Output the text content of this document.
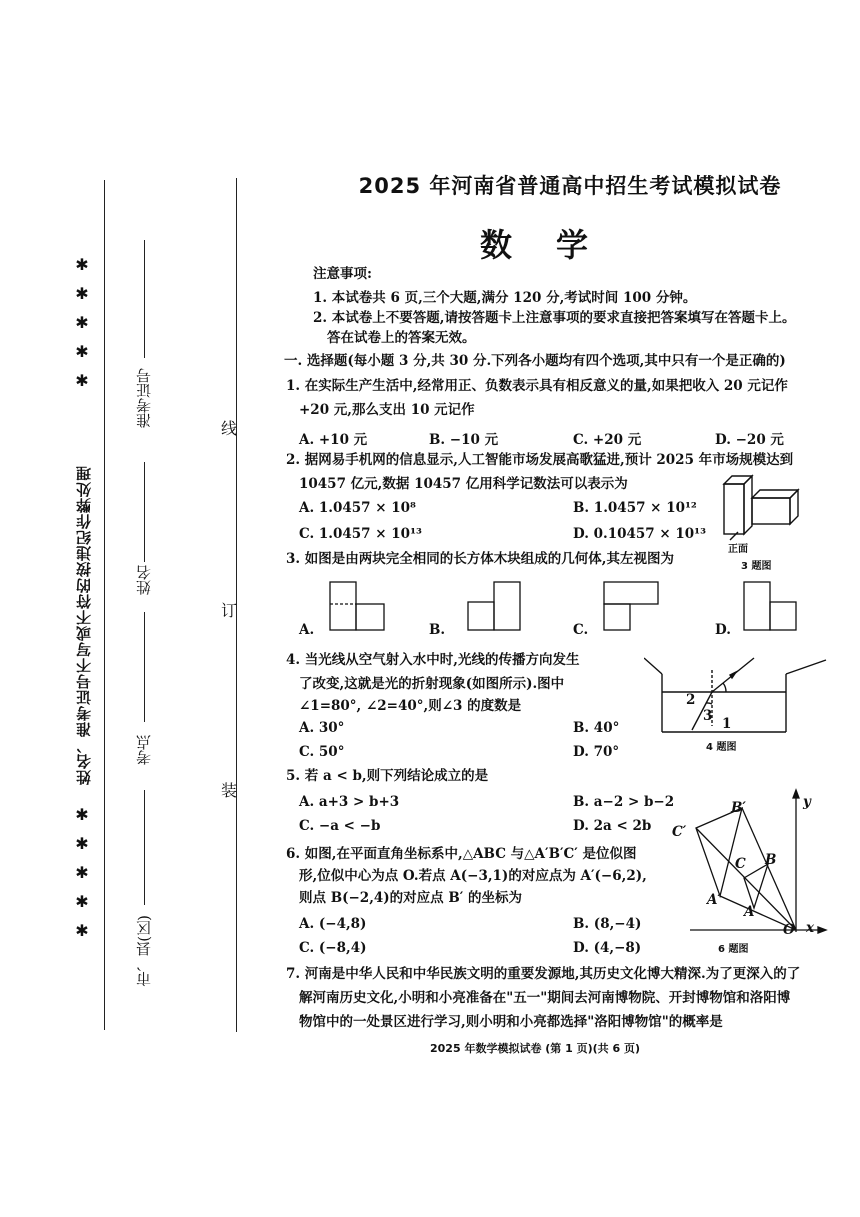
✱ ✱ ✱ ✱ ✱
✱ ✱ ✱ ✱ ✱
姓名、准考证号不写或不符的按违纪作弊处理
准考证号
姓名
考点
市、县(区)
线
订
装
2025 年河南省普通高中招生考试模拟试卷
数学
注意事项:
1. 本试卷共 6 页,三个大题,满分 120 分,考试时间 100 分钟。
2. 本试卷上不要答题,请按答题卡上注意事项的要求直接把答案填写在答题卡上。
答在试卷上的答案无效。
一. 选择题(每小题 3 分,共 30 分.下列各小题均有四个选项,其中只有一个是正确的)
1. 在实际生产生活中,经常用正、负数表示具有相反意义的量,如果把收入 20 元记作
+20 元,那么支出 10 元记作
A. +10 元	B. −10 元	C. +20 元	D. −20 元
2. 据网易手机网的信息显示,人工智能市场发展高歌猛进,预计 2025 年市场规模达到
10457 亿元,数据 10457 亿用科学记数法可以表示为
A. 1.0457 × 10⁸	B. 1.0457 × 10¹²
C. 1.0457 × 10¹³	D. 0.10457 × 10¹³
正面
3 题图
3. 如图是由两块完全相同的长方体木块组成的几何体,其左视图为
A.	B.	C.	D.
4. 当光线从空气射入水中时,光线的传播方向发生
了改变,这就是光的折射现象(如图所示).图中
∠1=80°, ∠2=40°,则∠3 的度数是
A. 30°	B. 40°
C. 50°	D. 70°
2
3 1
4 题图
5. 若 a < b,则下列结论成立的是
A. a+3 > b+3	B. a−2 > b−2
C. −a < −b	D. 2a < 2b
6. 如图,在平面直角坐标系中,△ABC 与△A′B′C′ 是位似图
形,位似中心为点 O.若点 A(−3,1)的对应点为 A′(−6,2),
则点 B(−2,4)的对应点 B′ 的坐标为
A. (−4,8)	B. (8,−4)
C. (−8,4)	D. (4,−8)
B′
C′
C B
A′
A
O x
y
6 题图
7. 河南是中华人民和中华民族文明的重要发源地,其历史文化博大精深.为了更深入的了
解河南历史文化,小明和小亮准备在"五一"期间去河南博物院、开封博物馆和洛阳博
物馆中的一处景区进行学习,则小明和小亮都选择"洛阳博物馆"的概率是
2025 年数学模拟试卷 (第 1 页)(共 6 页)
